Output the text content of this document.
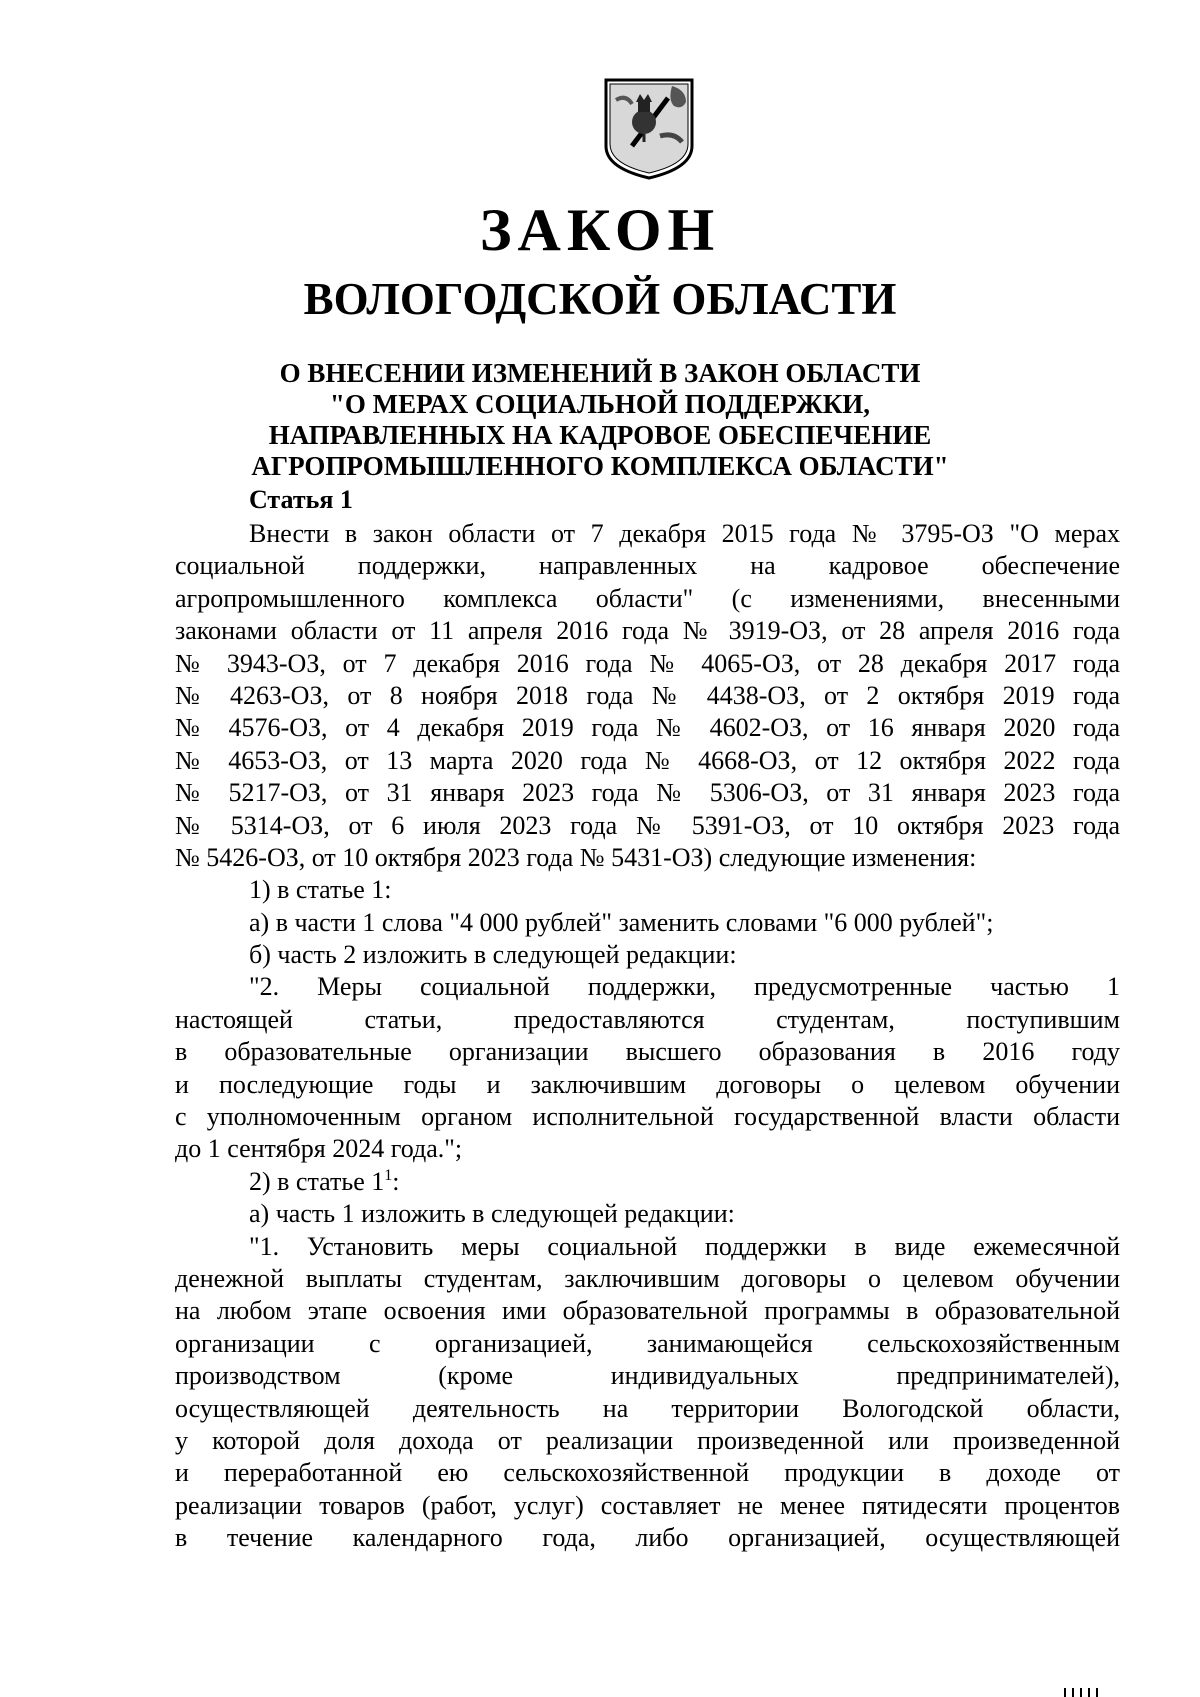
ЗАКОН
ВОЛОГОДСКОЙ ОБЛАСТИ
О ВНЕСЕНИИ ИЗМЕНЕНИЙ В ЗАКОН ОБЛАСТИ
"О МЕРАХ СОЦИАЛЬНОЙ ПОДДЕРЖКИ,
НАПРАВЛЕННЫХ НА КАДРОВОЕ ОБЕСПЕЧЕНИЕ
АГРОПРОМЫШЛЕННОГО КОМПЛЕКСА ОБЛАСТИ"
Статья 1
Внести в закон области от 7 декабря 2015 года № 3795-ОЗ "О мерах
социальной поддержки, направленных на кадровое обеспечение
агропромышленного комплекса области" (с изменениями, внесенными
законами области от 11 апреля 2016 года № 3919-ОЗ, от 28 апреля 2016 года
№ 3943-ОЗ, от 7 декабря 2016 года № 4065-ОЗ, от 28 декабря 2017 года
№ 4263-ОЗ, от 8 ноября 2018 года № 4438-ОЗ, от 2 октября 2019 года
№ 4576-ОЗ, от 4 декабря 2019 года № 4602-ОЗ, от 16 января 2020 года
№ 4653-ОЗ, от 13 марта 2020 года № 4668-ОЗ, от 12 октября 2022 года
№ 5217-ОЗ, от 31 января 2023 года № 5306-ОЗ, от 31 января 2023 года
№ 5314-ОЗ, от 6 июля 2023 года № 5391-ОЗ, от 10 октября 2023 года
№ 5426-ОЗ, от 10 октября 2023 года № 5431-ОЗ) следующие изменения:
1) в статье 1:
а) в части 1 слова "4 000 рублей" заменить словами "6 000 рублей";
б) часть 2 изложить в следующей редакции:
"2. Меры социальной поддержки, предусмотренные частью 1
настоящей статьи, предоставляются студентам, поступившим
в образовательные организации высшего образования в 2016 году
и последующие годы и заключившим договоры о целевом обучении
с уполномоченным органом исполнительной государственной власти области
до 1 сентября 2024 года.";
2) в статье $1^1$:
а) часть 1 изложить в следующей редакции:
"1. Установить меры социальной поддержки в виде ежемесячной
денежной выплаты студентам, заключившим договоры о целевом обучении
на любом этапе освоения ими образовательной программы в образовательной
организации с организацией, занимающейся сельскохозяйственным
производством (кроме индивидуальных предпринимателей),
осуществляющей деятельность на территории Вологодской области,
у которой доля дохода от реализации произведенной или произведенной
и переработанной ею сельскохозяйственной продукции в доходе от
реализации товаров (работ, услуг) составляет не менее пятидесяти процентов
в течение календарного года, либо организацией, осуществляющей
